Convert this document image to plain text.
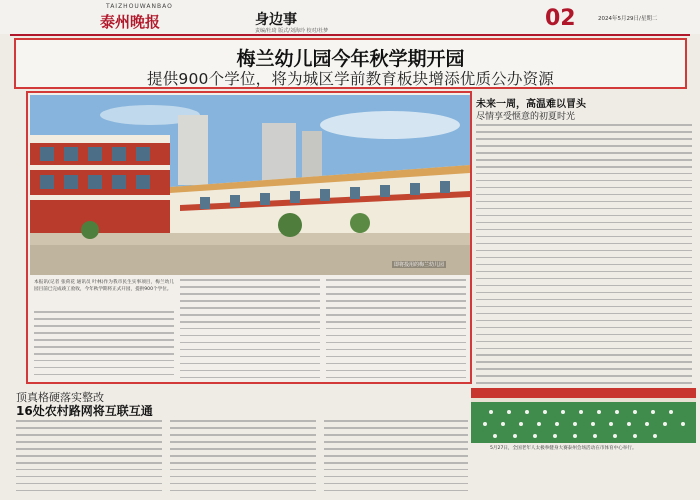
TAIZHOUWANBAO
泰州晚报	身边事
责编/杜琦 版式/刘海玲 校对/杜梦	02	2024年5月29日/星期二
梅兰幼儿园今年秋学期开园
提供900个学位，将为城区学前教育板块增添优质公办资源
即将投用的梅兰幼儿园
本报讯(记者 张荷花 通讯员 叶林)作为我市民生实事项目，梅兰幼儿园目前已完成竣工验收，今年秋学期将正式开园，提供900个学位。
未来一周，高温难以冒头
尽情享受惬意的初夏时光
顶真格硬落实整改
16处农村路网将互联互通
5月27日，全国老年人太极拳健身大赛泰州会场活动在市体育中心举行。
